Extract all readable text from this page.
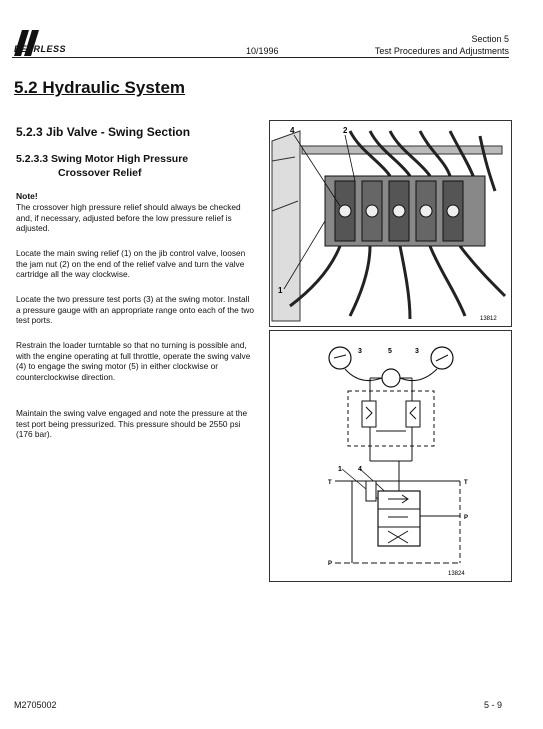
PEERLESS	10/1996
Section 5
Test Procedures and Adjustments
5.2 Hydraulic System
5.2.3 Jib Valve - Swing Section
5.2.3.3 Swing Motor High Pressure
Crossover Relief
Note!
The crossover high pressure relief should always be checked and, if necessary, adjusted before the low pressure relief is adjusted.
Locate the main swing relief (1) on the jib control valve, loosen the jam nut (2) on the end of the relief valve and turn the valve cartridge all the way clockwise.
Locate the two pressure test ports (3) at the swing motor. Install a pressure gauge with an appropriate range onto each of the two test ports.
Restrain the loader turntable so that no turning is possible and, with the engine operating at full throttle, operate the swing valve (4) to engage the swing motor (5) in either clockwise or counterclockwise direction.
Maintain the swing valve engaged and note the pressure at the test port being pressurized. This pressure should be 2550 psi (176 bar).
4	2
1
13812
3	5	3
1 4
T	T
P
P
13824
M2705002	5 - 9
